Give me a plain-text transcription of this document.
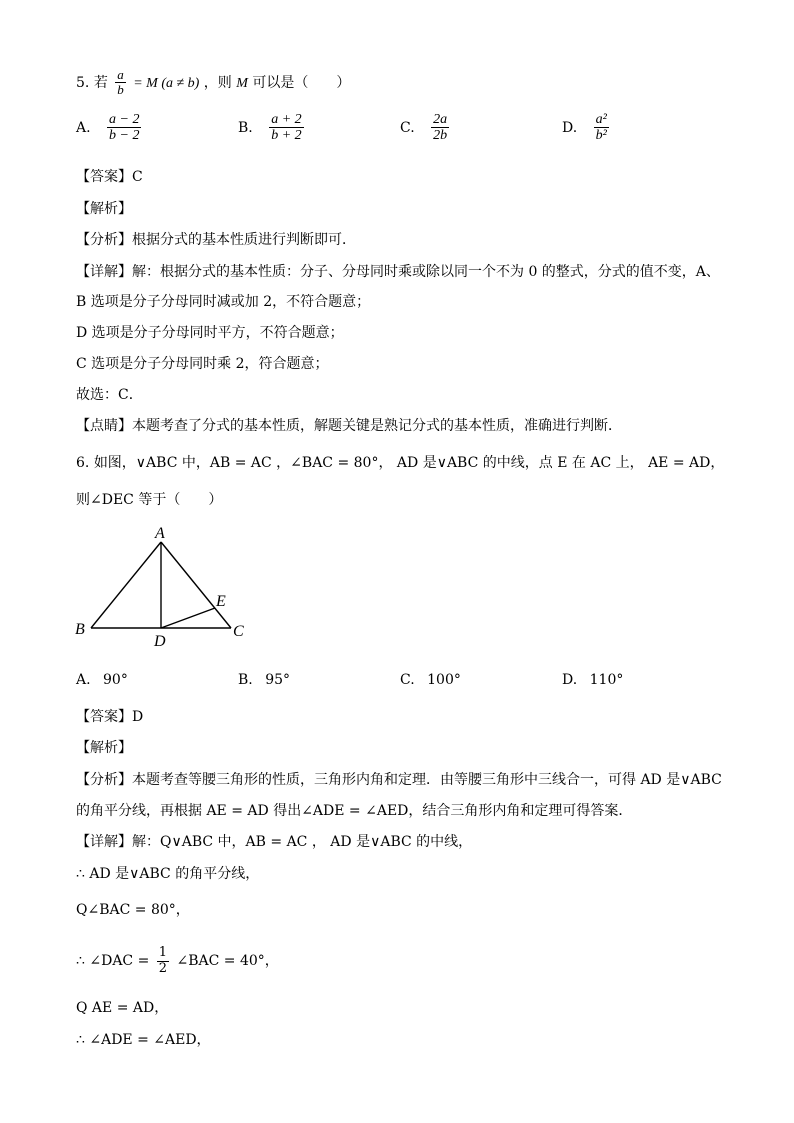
5. 若 $\frac{a}{b} = M$ (a ≠ b) ，则 M 可以是（　　）
A. $\frac{a - 2}{b - 2}$	B. $\frac{a + 2}{b + 2}$	C. $\frac{2a}{2b}$	D. $\frac{\text{a²}}{\text{b²}}$
【答案】C
【解析】
【分析】根据分式的基本性质进行判断即可．
【详解】解：根据分式的基本性质：分子、分母同时乘或除以同一个不为 0 的整式，分式的值不变，A、
B 选项是分子分母同时减或加 2，不符合题意；
D 选项是分子分母同时平方，不符合题意；
C 选项是分子分母同时乘 2，符合题意；
故选：C．
【点睛】本题考查了分式的基本性质，解题关键是熟记分式的基本性质，准确进行判断．
6. 如图，∨ABC 中，AB = AC ，∠BAC = 80°， AD 是∨ABC 的中线，点 E 在 AC 上， AE = AD，
则∠DEC 等于（　　）
A
B	C
D
E
A. 90°	B. 95°	C. 100°	D. 110°
【答案】D
【解析】
【分析】本题考查等腰三角形的性质，三角形内角和定理．由等腰三角形中三线合一，可得 AD 是∨ABC
的角平分线，再根据 AE = AD 得出∠ADE = ∠AED，结合三角形内角和定理可得答案．
【详解】解：Q∨ABC 中，AB = AC ， AD 是∨ABC 的中线，
∴ AD 是∨ABC 的角平分线，
Q∠BAC = 80°，
∴ ∠DAC = $\frac{1}{2}$ ∠BAC = 40°，
Q AE = AD，
∴ ∠ADE = ∠AED，
